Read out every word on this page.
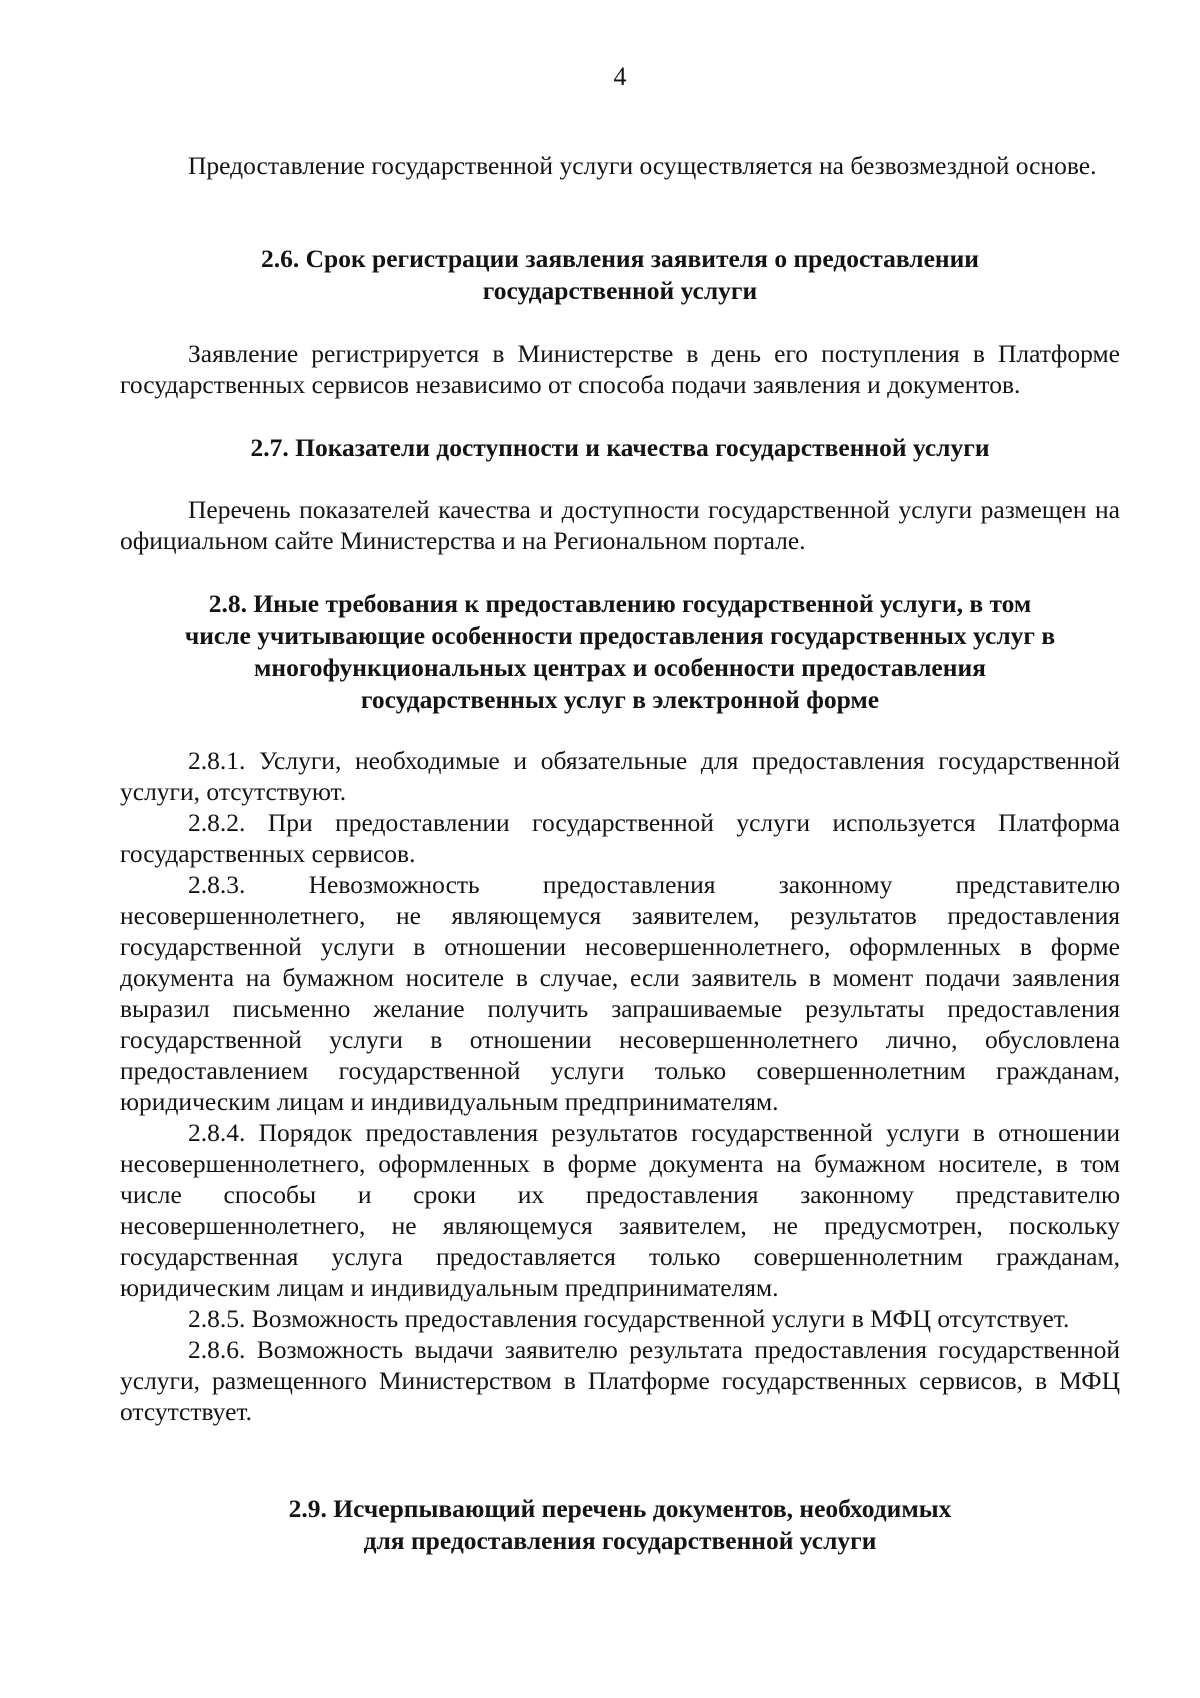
4

Предоставление государственной услуги осуществляется на безвозмездной основе.

2.6. Срок регистрации заявления заявителя о предоставлении
государственной услуги

Заявление регистрируется в Министерстве в день его поступления в Платформе государственных сервисов независимо от способа подачи заявления и документов.

2.7. Показатели доступности и качества государственной услуги

Перечень показателей качества и доступности государственной услуги размещен на официальном сайте Министерства и на Региональном портале.

2.8. Иные требования к предоставлению государственной услуги, в том
числе учитывающие особенности предоставления государственных услуг в
многофункциональных центрах и особенности предоставления
государственных услуг в электронной форме

2.8.1. Услуги, необходимые и обязательные для предоставления государственной услуги, отсутствуют.

2.8.2. При предоставлении государственной услуги используется Платформа государственных сервисов.

2.8.3. Невозможность предоставления законному представителю несовершеннолетнего, не являющемуся заявителем, результатов предоставления государственной услуги в отношении несовершеннолетнего, оформленных в форме документа на бумажном носителе в случае, если заявитель в момент подачи заявления выразил письменно желание получить запрашиваемые результаты предоставления государственной услуги в отношении несовершеннолетнего лично, обусловлена предоставлением государственной услуги только совершеннолетним гражданам, юридическим лицам и индивидуальным предпринимателям.

2.8.4. Порядок предоставления результатов государственной услуги в отношении несовершеннолетнего, оформленных в форме документа на бумажном носителе, в том числе способы и сроки их предоставления законному представителю несовершеннолетнего, не являющемуся заявителем, не предусмотрен, поскольку государственная услуга предоставляется только совершеннолетним гражданам, юридическим лицам и индивидуальным предпринимателям.

2.8.5. Возможность предоставления государственной услуги в МФЦ отсутствует.

2.8.6. Возможность выдачи заявителю результата предоставления государственной услуги, размещенного Министерством в Платформе государственных сервисов, в МФЦ отсутствует.

2.9. Исчерпывающий перечень документов, необходимых
для предоставления государственной услуги
